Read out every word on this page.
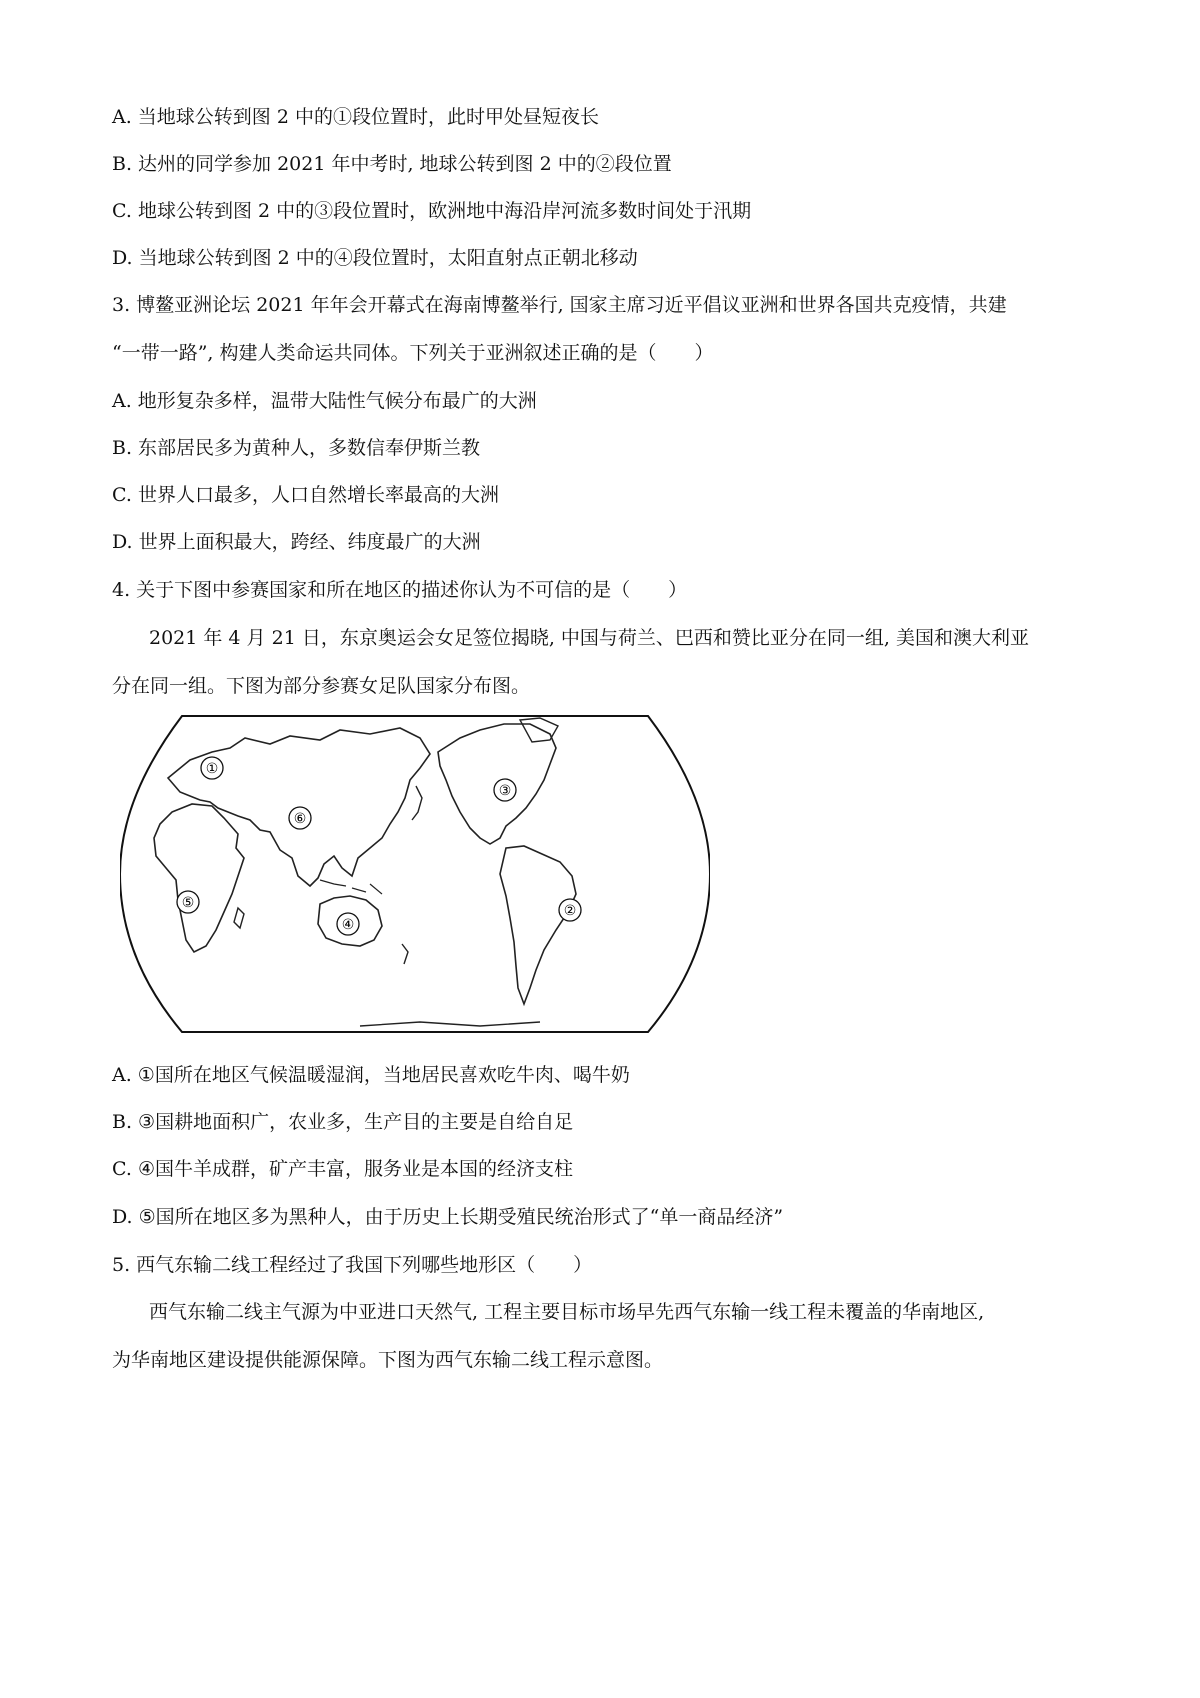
A. 当地球公转到图 2 中的①段位置时，此时甲处昼短夜长
B. 达州的同学参加 2021 年中考时, 地球公转到图 2 中的②段位置
C. 地球公转到图 2 中的③段位置时，欧洲地中海沿岸河流多数时间处于汛期
D. 当地球公转到图 2 中的④段位置时，太阳直射点正朝北移动
3. 博鳌亚洲论坛 2021 年年会开幕式在海南博鳌举行, 国家主席习近平倡议亚洲和世界各国共克疫情，共建
“一带一路”, 构建人类命运共同体。下列关于亚洲叙述正确的是（　　）
A. 地形复杂多样，温带大陆性气候分布最广的大洲
B. 东部居民多为黄种人，多数信奉伊斯兰教
C. 世界人口最多，人口自然增长率最高的大洲
D. 世界上面积最大，跨经、纬度最广的大洲
4. 关于下图中参赛国家和所在地区的描述你认为不可信的是（　　）
2021 年 4 月 21 日，东京奥运会女足签位揭晓, 中国与荷兰、巴西和赞比亚分在同一组, 美国和澳大利亚
分在同一组。下图为部分参赛女足队国家分布图。
①
②
③
④
⑤
⑥
A. ①国所在地区气候温暖湿润，当地居民喜欢吃牛肉、喝牛奶
B. ③国耕地面积广，农业多，生产目的主要是自给自足
C. ④国牛羊成群，矿产丰富，服务业是本国的经济支柱
D. ⑤国所在地区多为黑种人，由于历史上长期受殖民统治形式了“单一商品经济”
5. 西气东输二线工程经过了我国下列哪些地形区（　　）
西气东输二线主气源为中亚进口天然气, 工程主要目标市场早先西气东输一线工程未覆盖的华南地区,
为华南地区建设提供能源保障。下图为西气东输二线工程示意图。
